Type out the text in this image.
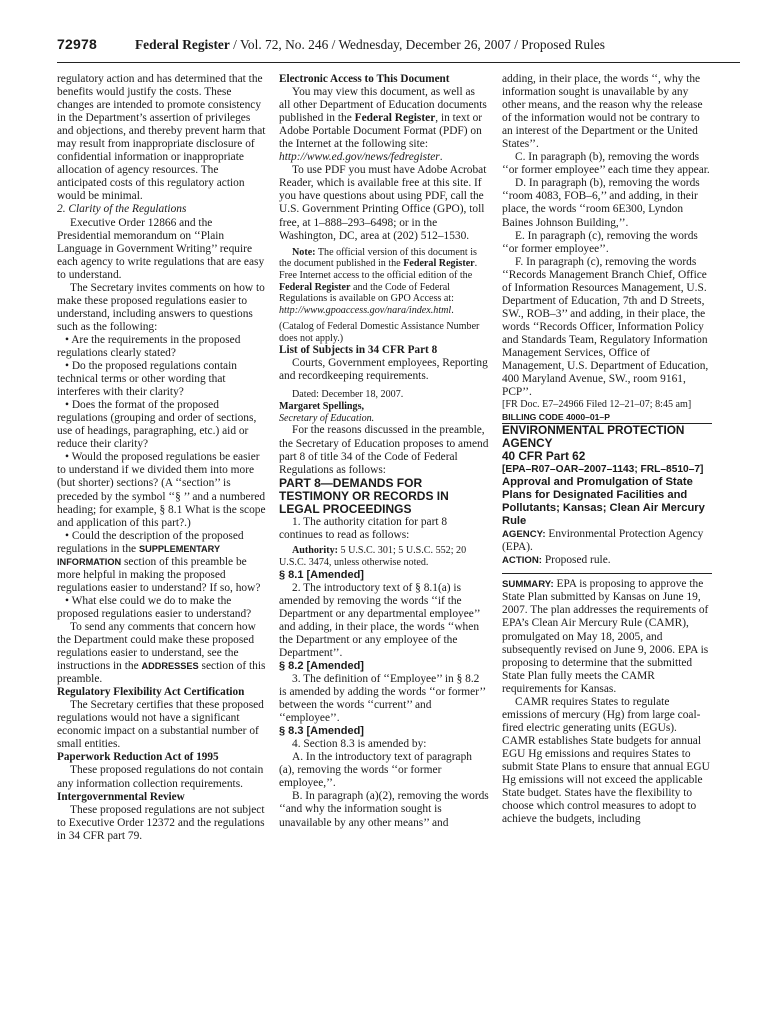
72978	Federal Register / Vol. 72, No. 246 / Wednesday, December 26, 2007 / Proposed Rules

regulatory action and has determined that the benefits would justify the costs. These changes are intended to promote consistency in the Department’s assertion of privileges and objections, and thereby prevent harm that may result from inappropriate disclosure of confidential information or inappropriate allocation of agency resources. The anticipated costs of this regulatory action would be minimal.

2. Clarity of the Regulations

Executive Order 12866 and the Presidential memorandum on ‘‘Plain Language in Government Writing’’ require each agency to write regulations that are easy to understand.

The Secretary invites comments on how to make these proposed regulations easier to understand, including answers to questions such as the following:

• Are the requirements in the proposed regulations clearly stated?

• Do the proposed regulations contain technical terms or other wording that interferes with their clarity?

• Does the format of the proposed regulations (grouping and order of sections, use of headings, paragraphing, etc.) aid or reduce their clarity?

• Would the proposed regulations be easier to understand if we divided them into more (but shorter) sections? (A ‘‘section’’ is preceded by the symbol ‘‘§ ’’ and a numbered heading; for example, § 8.1 What is the scope and application of this part?.)

• Could the description of the proposed regulations in the SUPPLEMENTARY INFORMATION section of this preamble be more helpful in making the proposed regulations easier to understand? If so, how?

• What else could we do to make the proposed regulations easier to understand?

To send any comments that concern how the Department could make these proposed regulations easier to understand, see the instructions in the ADDRESSES section of this preamble.

Regulatory Flexibility Act Certification

The Secretary certifies that these proposed regulations would not have a significant economic impact on a substantial number of small entities.

Paperwork Reduction Act of 1995

These proposed regulations do not contain any information collection requirements.

Intergovernmental Review

These proposed regulations are not subject to Executive Order 12372 and the regulations in 34 CFR part 79.

Electronic Access to This Document

You may view this document, as well as all other Department of Education documents published in the Federal Register, in text or Adobe Portable Document Format (PDF) on the Internet at the following site: http://www.ed.gov/news/fedregister.

To use PDF you must have Adobe Acrobat Reader, which is available free at this site. If you have questions about using PDF, call the U.S. Government Printing Office (GPO), toll free, at 1–888–293–6498; or in the Washington, DC, area at (202) 512–1530.

Note: The official version of this document is the document published in the Federal Register. Free Internet access to the official edition of the Federal Register and the Code of Federal Regulations is available on GPO Access at: http://www.gpoaccess.gov/nara/index.html.

(Catalog of Federal Domestic Assistance Number does not apply.)

List of Subjects in 34 CFR Part 8

Courts, Government employees, Reporting and recordkeeping requirements.

Dated: December 18, 2007.

Margaret Spellings,

Secretary of Education.

For the reasons discussed in the preamble, the Secretary of Education proposes to amend part 8 of title 34 of the Code of Federal Regulations as follows:

PART 8—DEMANDS FOR TESTIMONY OR RECORDS IN LEGAL PROCEEDINGS

1. The authority citation for part 8 continues to read as follows:

Authority: 5 U.S.C. 301; 5 U.S.C. 552; 20 U.S.C. 3474, unless otherwise noted.

§ 8.1 [Amended]

2. The introductory text of § 8.1(a) is amended by removing the words ‘‘if the Department or any departmental employee’’ and adding, in their place, the words ‘‘when the Department or any employee of the Department’’.

§ 8.2 [Amended]

3. The definition of ‘‘Employee’’ in § 8.2 is amended by adding the words ‘‘or former’’ between the words ‘‘current’’ and ‘‘employee’’.

§ 8.3 [Amended]

4. Section 8.3 is amended by:

A. In the introductory text of paragraph (a), removing the words ‘‘or former employee,’’.

B. In paragraph (a)(2), removing the words ‘‘and why the information sought is unavailable by any other means’’ and

adding, in their place, the words ‘‘, why the information sought is unavailable by any other means, and the reason why the release of the information would not be contrary to an interest of the Department or the United States’’.

C. In paragraph (b), removing the words ‘‘or former employee’’ each time they appear.

D. In paragraph (b), removing the words ‘‘room 4083, FOB–6,’’ and adding, in their place, the words ‘‘room 6E300, Lyndon Baines Johnson Building,’’.

E. In paragraph (c), removing the words ‘‘or former employee’’.

F. In paragraph (c), removing the words ‘‘Records Management Branch Chief, Office of Information Resources Management, U.S. Department of Education, 7th and D Streets, SW., ROB–3’’ and adding, in their place, the words ‘‘Records Officer, Information Policy and Standards Team, Regulatory Information Management Services, Office of Management, U.S. Department of Education, 400 Maryland Avenue, SW., room 9161, PCP’’.

[FR Doc. E7–24966 Filed 12–21–07; 8:45 am]

BILLING CODE 4000–01–P

ENVIRONMENTAL PROTECTION AGENCY

40 CFR Part 62

[EPA–R07–OAR–2007–1143; FRL–8510–7]

Approval and Promulgation of State Plans for Designated Facilities and Pollutants; Kansas; Clean Air Mercury Rule

AGENCY: Environmental Protection Agency (EPA).

ACTION: Proposed rule.

SUMMARY: EPA is proposing to approve the State Plan submitted by Kansas on June 19, 2007. The plan addresses the requirements of EPA’s Clean Air Mercury Rule (CAMR), promulgated on May 18, 2005, and subsequently revised on June 9, 2006. EPA is proposing to determine that the submitted State Plan fully meets the CAMR requirements for Kansas.

CAMR requires States to regulate emissions of mercury (Hg) from large coal-fired electric generating units (EGUs). CAMR establishes State budgets for annual EGU Hg emissions and requires States to submit State Plans to ensure that annual EGU Hg emissions will not exceed the applicable State budget. States have the flexibility to choose which control measures to adopt to achieve the budgets, including
